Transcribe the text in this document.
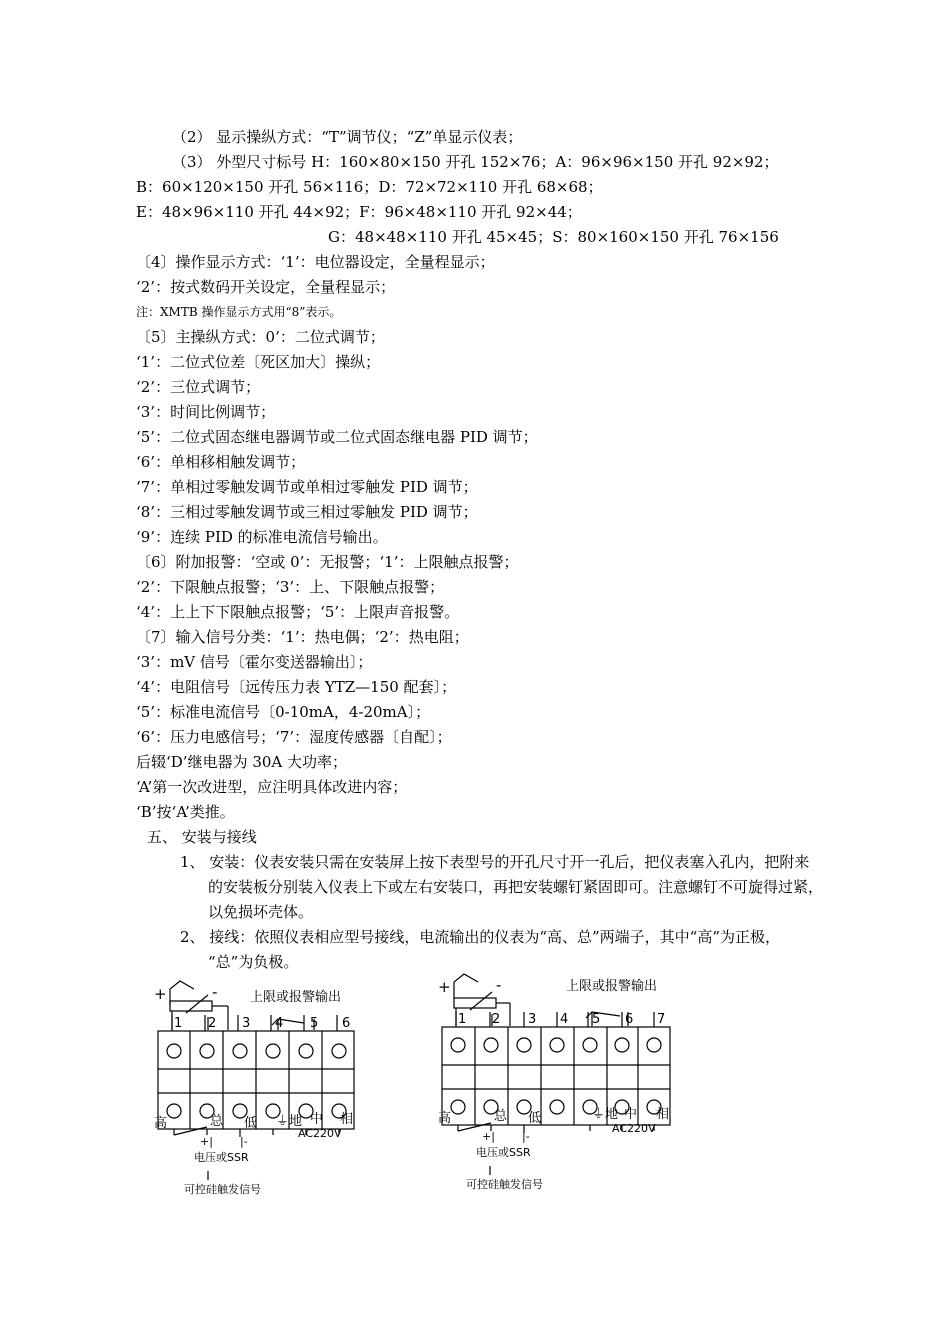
（2） 显示操纵方式：“T”调节仪；“Z”单显示仪表；
（3） 外型尺寸标号 H：160×80×150 开孔 152×76；A：96×96×150 开孔 92×92；
B：60×120×150 开孔 56×116；D：72×72×110 开孔 68×68；
E：48×96×110 开孔 44×92；F：96×48×110 开孔 92×44；
G：48×48×110 开孔 45×45；S：80×160×150 开孔 76×156
〔4〕操作显示方式：‘1’：电位器设定，全量程显示；
‘2’：按式数码开关设定，全量程显示；
注：XMTB 操作显示方式用“8”表示。
〔5〕主操纵方式：0’：二位式调节；
‘1’：二位式位差〔死区加大〕操纵；
‘2’：三位式调节；
‘3’：时间比例调节；
‘5’：二位式固态继电器调节或二位式固态继电器 PID 调节；
‘6’：单相移相触发调节；
‘7’：单相过零触发调节或单相过零触发 PID 调节；
‘8’：三相过零触发调节或三相过零触发 PID 调节；
‘9’：连续 PID 的标准电流信号输出。
〔6〕附加报警：‘空或 0’：无报警；‘1’：上限触点报警；
‘2’：下限触点报警；‘3’：上、下限触点报警；
‘4’：上上下下限触点报警；‘5’：上限声音报警。
〔7〕输入信号分类：‘1’：热电偶；‘2’：热电阻；
‘3’：mV 信号〔霍尔变送器输出〕；
‘4’：电阻信号〔远传压力表 YTZ—150 配套〕；
‘5’：标准电流信号〔0-10mA，4-20mA〕；
‘6’：压力电感信号；‘7’：湿度传感器〔自配〕；
后辍‘D’继电器为 30A 大功率；
‘A’第一次改进型，应注明具体改进内容；
‘B’按‘A’类推。
五、 安装与接线
1、 安装：仪表安装只需在安装屏上按下表型号的开孔尺寸开一孔后，把仪表塞入孔内，把附来
的安装板分别装入仪表上下或左右安装口，再把安装螺钉紧固即可。注意螺钉不可旋得过紧，
以免损坏壳体。
2、 接线：依照仪表相应型号接线，电流输出的仪表为“高、总”两端子，其中“高”为正极，
“总”为负极。
+	-	上限或报警输出
1 2 3 4 5 6
高	总 低 ⏚地 中 相
AC220V
+| |-
电压或SSR
可控硅触发信号
+	-	上限或报警输出
1 2 3 4 5 6 7
高	总 低	⏚地 中 相
AC220V
+| |-
电压或SSR
可控硅触发信号
